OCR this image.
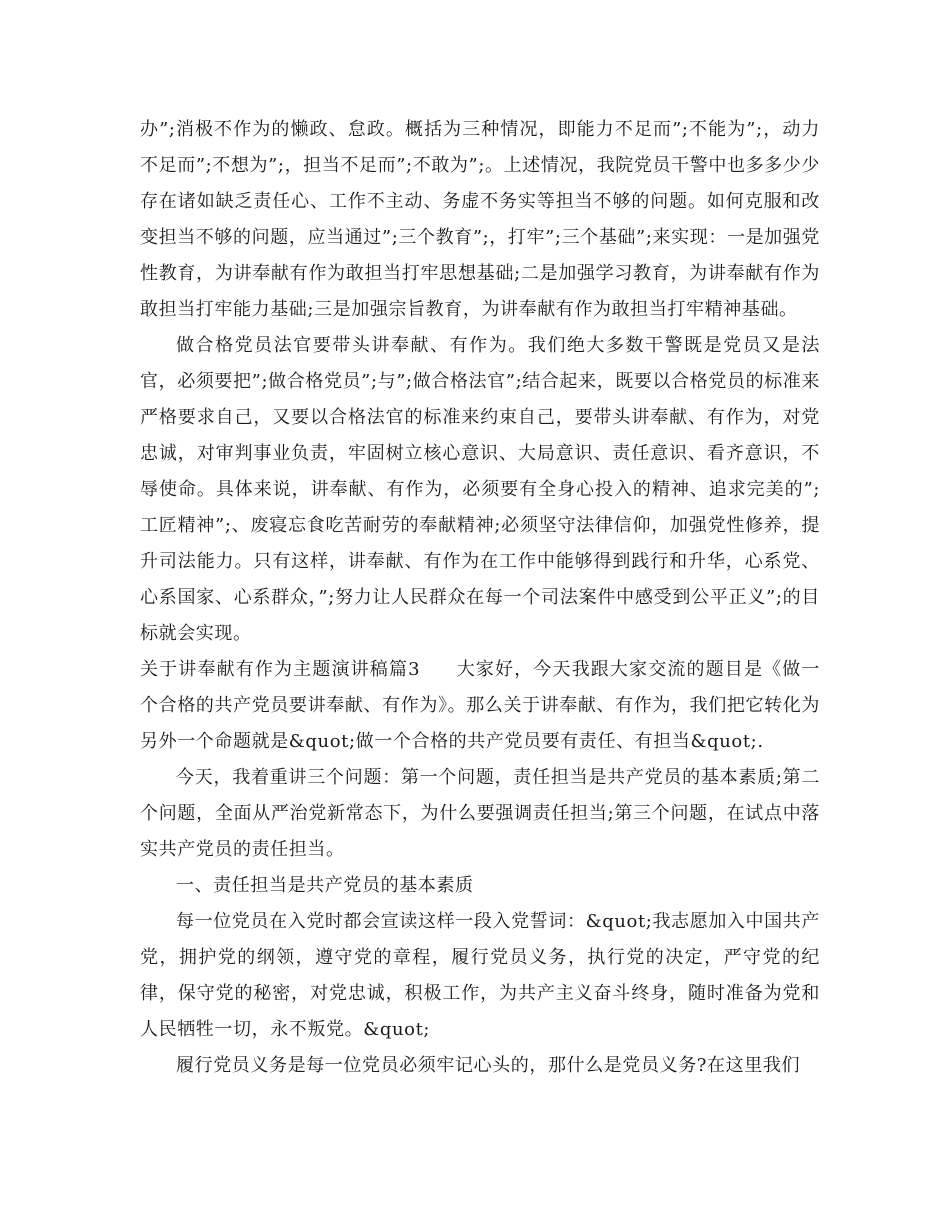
办”;消极不作为的懒政、怠政。概括为三种情况，即能力不足而”;不能为”;，动力不足而”;不想为”;，担当不足而”;不敢为”;。上述情况，我院党员干警中也多多少少存在诸如缺乏责任心、工作不主动、务虚不务实等担当不够的问题。如何克服和改变担当不够的问题，应当通过”;三个教育”;，打牢”;三个基础”;来实现：一是加强党性教育，为讲奉献有作为敢担当打牢思想基础;二是加强学习教育，为讲奉献有作为敢担当打牢能力基础;三是加强宗旨教育，为讲奉献有作为敢担当打牢精神基础。

做合格党员法官要带头讲奉献、有作为。我们绝大多数干警既是党员又是法官，必须要把”;做合格党员”;与”;做合格法官”;结合起来，既要以合格党员的标准来严格要求自己，又要以合格法官的标准来约束自己，要带头讲奉献、有作为，对党忠诚，对审判事业负责，牢固树立核心意识、大局意识、责任意识、看齐意识，不辱使命。具体来说，讲奉献、有作为，必须要有全身心投入的精神、追求完美的”;工匠精神”;、废寝忘食吃苦耐劳的奉献精神;必须坚守法律信仰，加强党性修养，提升司法能力。只有这样，讲奉献、有作为在工作中能够得到践行和升华，心系党、心系国家、心系群众，”;努力让人民群众在每一个司法案件中感受到公平正义”;的目标就会实现。

关于讲奉献有作为主题演讲稿篇3 大家好，今天我跟大家交流的题目是《做一个合格的共产党员要讲奉献、有作为》。那么关于讲奉献、有作为，我们把它转化为另外一个命题就是&quot;做一个合格的共产党员要有责任、有担当&quot;.

今天，我着重讲三个问题：第一个问题，责任担当是共产党员的基本素质;第二个问题，全面从严治党新常态下，为什么要强调责任担当;第三个问题，在试点中落实共产党员的责任担当。

一、责任担当是共产党员的基本素质

每一位党员在入党时都会宣读这样一段入党誓词：&quot;我志愿加入中国共产党，拥护党的纲领，遵守党的章程，履行党员义务，执行党的决定，严守党的纪律，保守党的秘密，对党忠诚，积极工作，为共产主义奋斗终身，随时准备为党和人民牺牲一切，永不叛党。&quot;

履行党员义务是每一位党员必须牢记心头的，那什么是党员义务?在这里我们
